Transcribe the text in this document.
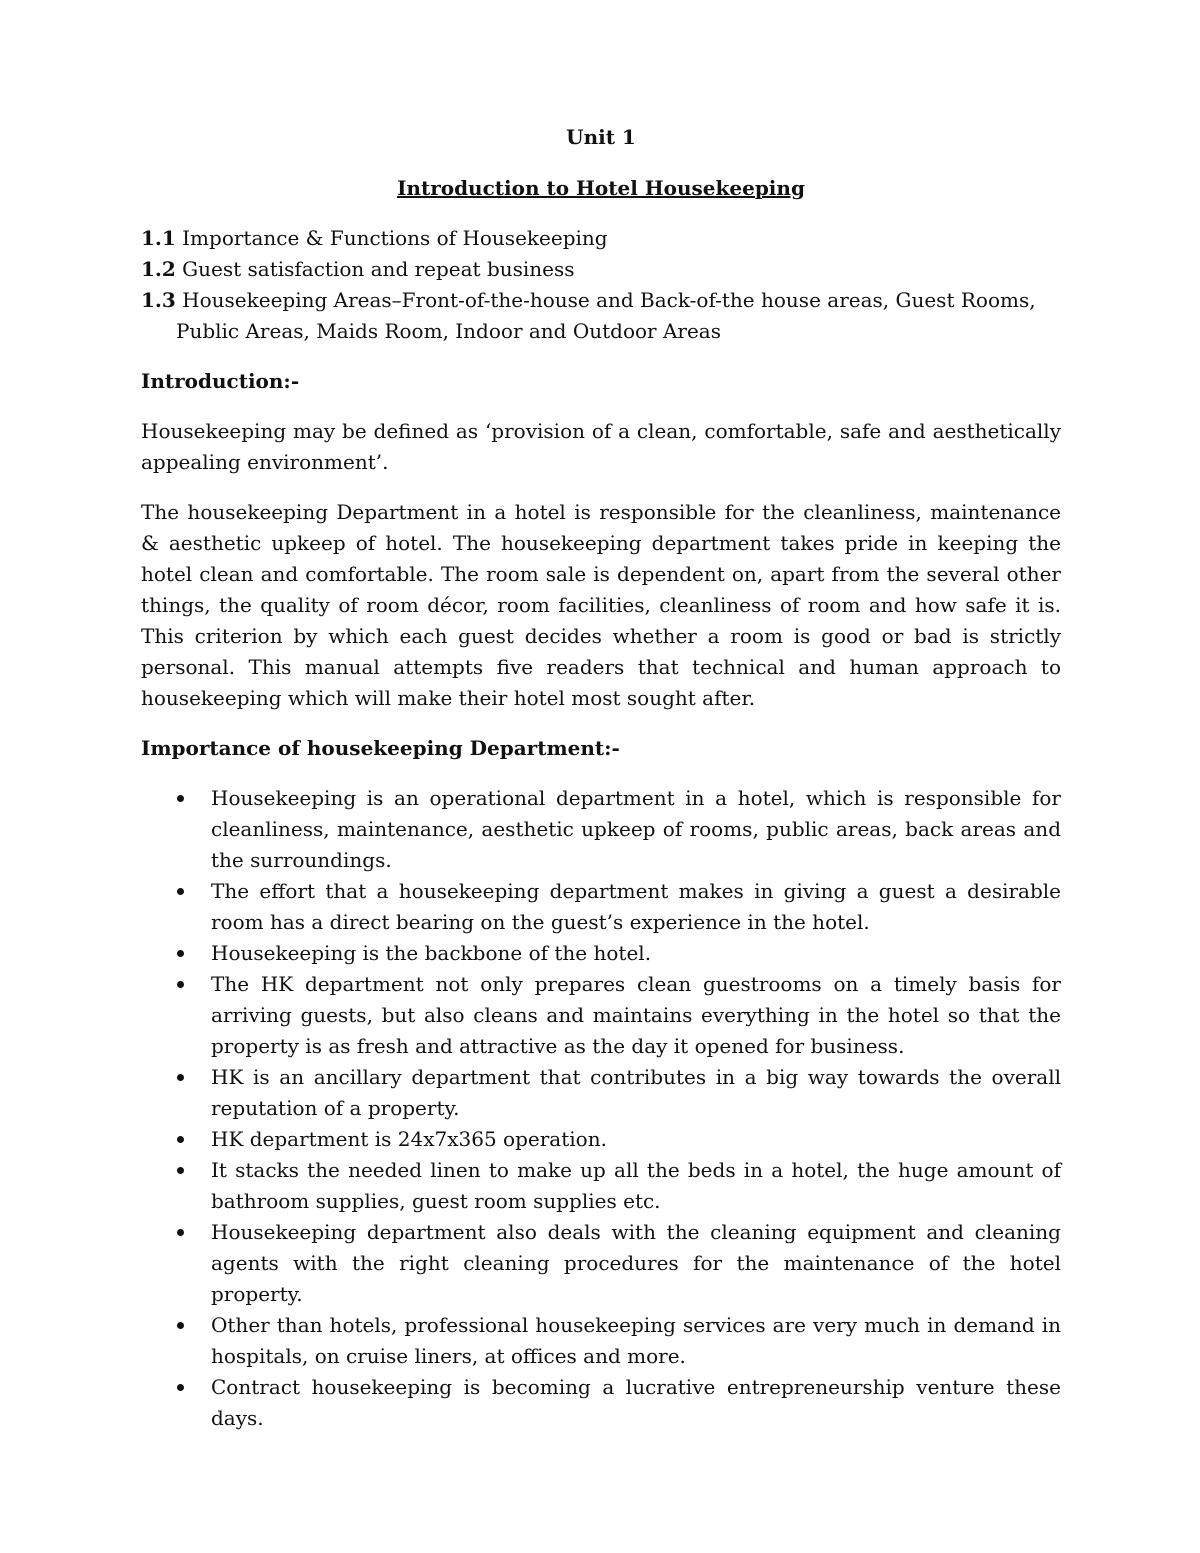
Unit 1

Introduction to Hotel Housekeeping

1.1 Importance & Functions of Housekeeping
1.2 Guest satisfaction and repeat business
1.3 Housekeeping Areas–Front-of-the-house and Back-of-the house areas, Guest Rooms, Public Areas, Maids Room, Indoor and Outdoor Areas
Introduction:-

Housekeeping may be defined as ‘provision of a clean, comfortable, safe and aesthetically appealing environment’.

The housekeeping Department in a hotel is responsible for the cleanliness, maintenance & aesthetic upkeep of hotel. The housekeeping department takes pride in keeping the hotel clean and comfortable. The room sale is dependent on, apart from the several other things, the quality of room décor, room facilities, cleanliness of room and how safe it is. This criterion by which each guest decides whether a room is good or bad is strictly personal. This manual attempts five readers that technical and human approach to housekeeping which will make their hotel most sought after.

Importance of housekeeping Department:-
Housekeeping is an operational department in a hotel, which is responsible for cleanliness, maintenance, aesthetic upkeep of rooms, public areas, back areas and the surroundings.
The effort that a housekeeping department makes in giving a guest a desirable room has a direct bearing on the guest’s experience in the hotel.
Housekeeping is the backbone of the hotel.
The HK department not only prepares clean guestrooms on a timely basis for arriving guests, but also cleans and maintains everything in the hotel so that the property is as fresh and attractive as the day it opened for business.
HK is an ancillary department that contributes in a big way towards the overall reputation of a property.
HK department is 24x7x365 operation.
It stacks the needed linen to make up all the beds in a hotel, the huge amount of bathroom supplies, guest room supplies etc.
Housekeeping department also deals with the cleaning equipment and cleaning agents with the right cleaning procedures for the maintenance of the hotel property.
Other than hotels, professional housekeeping services are very much in demand in hospitals, on cruise liners, at offices and more.
Contract housekeeping is becoming a lucrative entrepreneurship venture these days.
